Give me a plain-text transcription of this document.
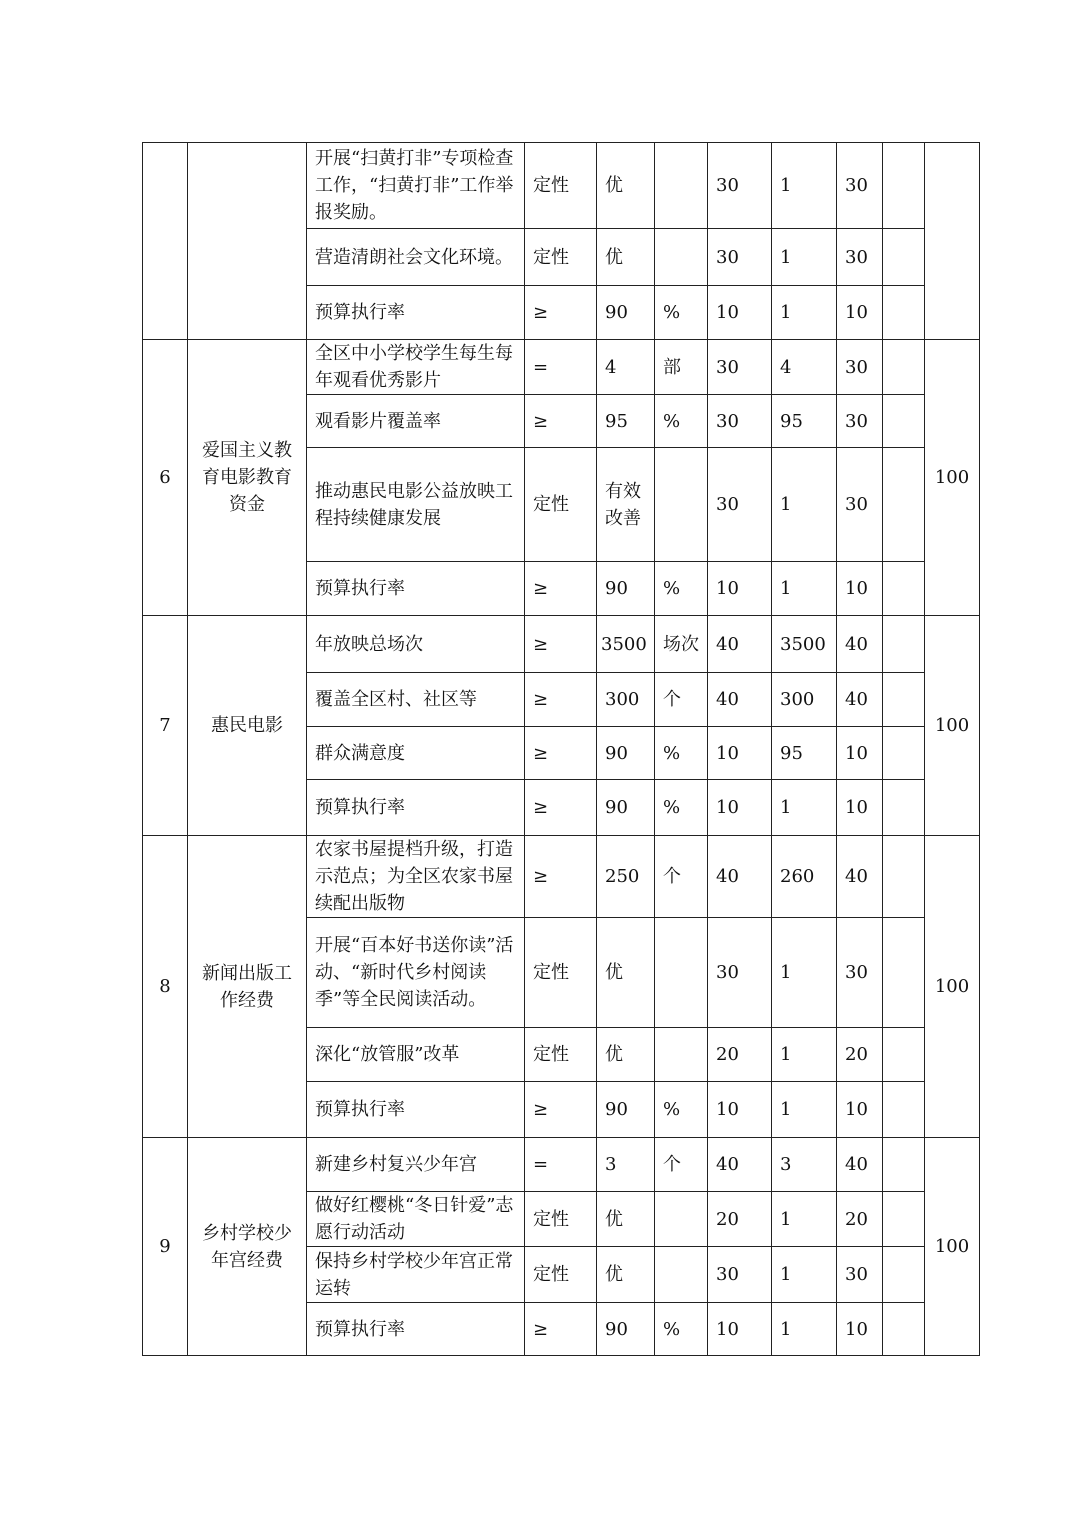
		开展“扫黄打非”专项检查工作，“扫黄打非”工作举报奖励。	定性	优		30	1	30		
		营造清朗社会文化环境。	定性	优		30	1	30		
		预算执行率	≥	90	%	10	1	10		
6	爱国主义教育电影教育资金	全区中小学校学生每生每年观看优秀影片	=	4	部	30	4	30		100
		观看影片覆盖率	≥	95	%	30	95	30		
		推动惠民电影公益放映工程持续健康发展	定性	有效改善		30	1	30		
		预算执行率	≥	90	%	10	1	10		
7	惠民电影	年放映总场次	≥	3500	场次	40	3500	40		100
		覆盖全区村、社区等	≥	300	个	40	300	40		
		群众满意度	≥	90	%	10	95	10		
		预算执行率	≥	90	%	10	1	10		
8	新闻出版工作经费	农家书屋提档升级，打造示范点；为全区农家书屋续配出版物	≥	250	个	40	260	40		100
		开展“百本好书送你读”活动、“新时代乡村阅读季”等全民阅读活动。	定性	优		30	1	30		
		深化“放管服”改革	定性	优		20	1	20		
		预算执行率	≥	90	%	10	1	10		
9	乡村学校少年宫经费	新建乡村复兴少年宫	=	3	个	40	3	40		100
		做好红樱桃“冬日针爱”志愿行动活动	定性	优		20	1	20		
		保持乡村学校少年宫正常运转	定性	优		30	1	30		
		预算执行率	≥	90	%	10	1	10		
